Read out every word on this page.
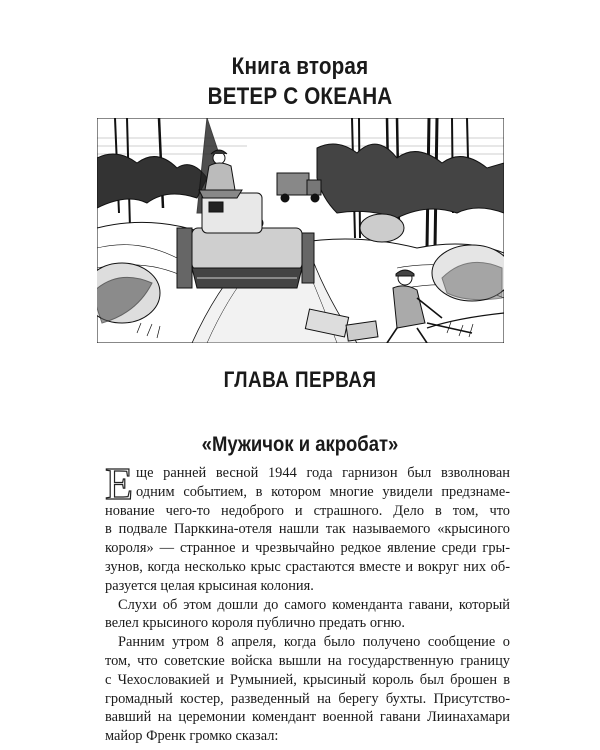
Книга вторая
ВЕТЕР С ОКЕАНА
ГЛАВА ПЕРВАЯ
«Мужичок и акробат»
Е ще ранней весной 1944 года гарнизон был взволнован
одним событием, в котором многие увидели предзнаме-
нование чего-то недоброго и страшного. Дело в том, что
в подвале Парккина-отеля нашли так называемого «крысиного
короля» — странное и чрезвычайно редкое явление среди гры-
зунов, когда несколько крыс срастаются вместе и вокруг них об-
разуется целая крысиная колония.
Слухи об этом дошли до самого коменданта гавани, который
велел крысиного короля публично предать огню.
Ранним утром 8 апреля, когда было получено сообщение о
том, что советские войска вышли на государственную границу
с Чехословакией и Румынией, крысиный король был брошен в
громадный костер, разведенный на берегу бухты. Присутство-
вавший на церемонии комендант военной гавани Лиинахамари
майор Френк громко сказал:
